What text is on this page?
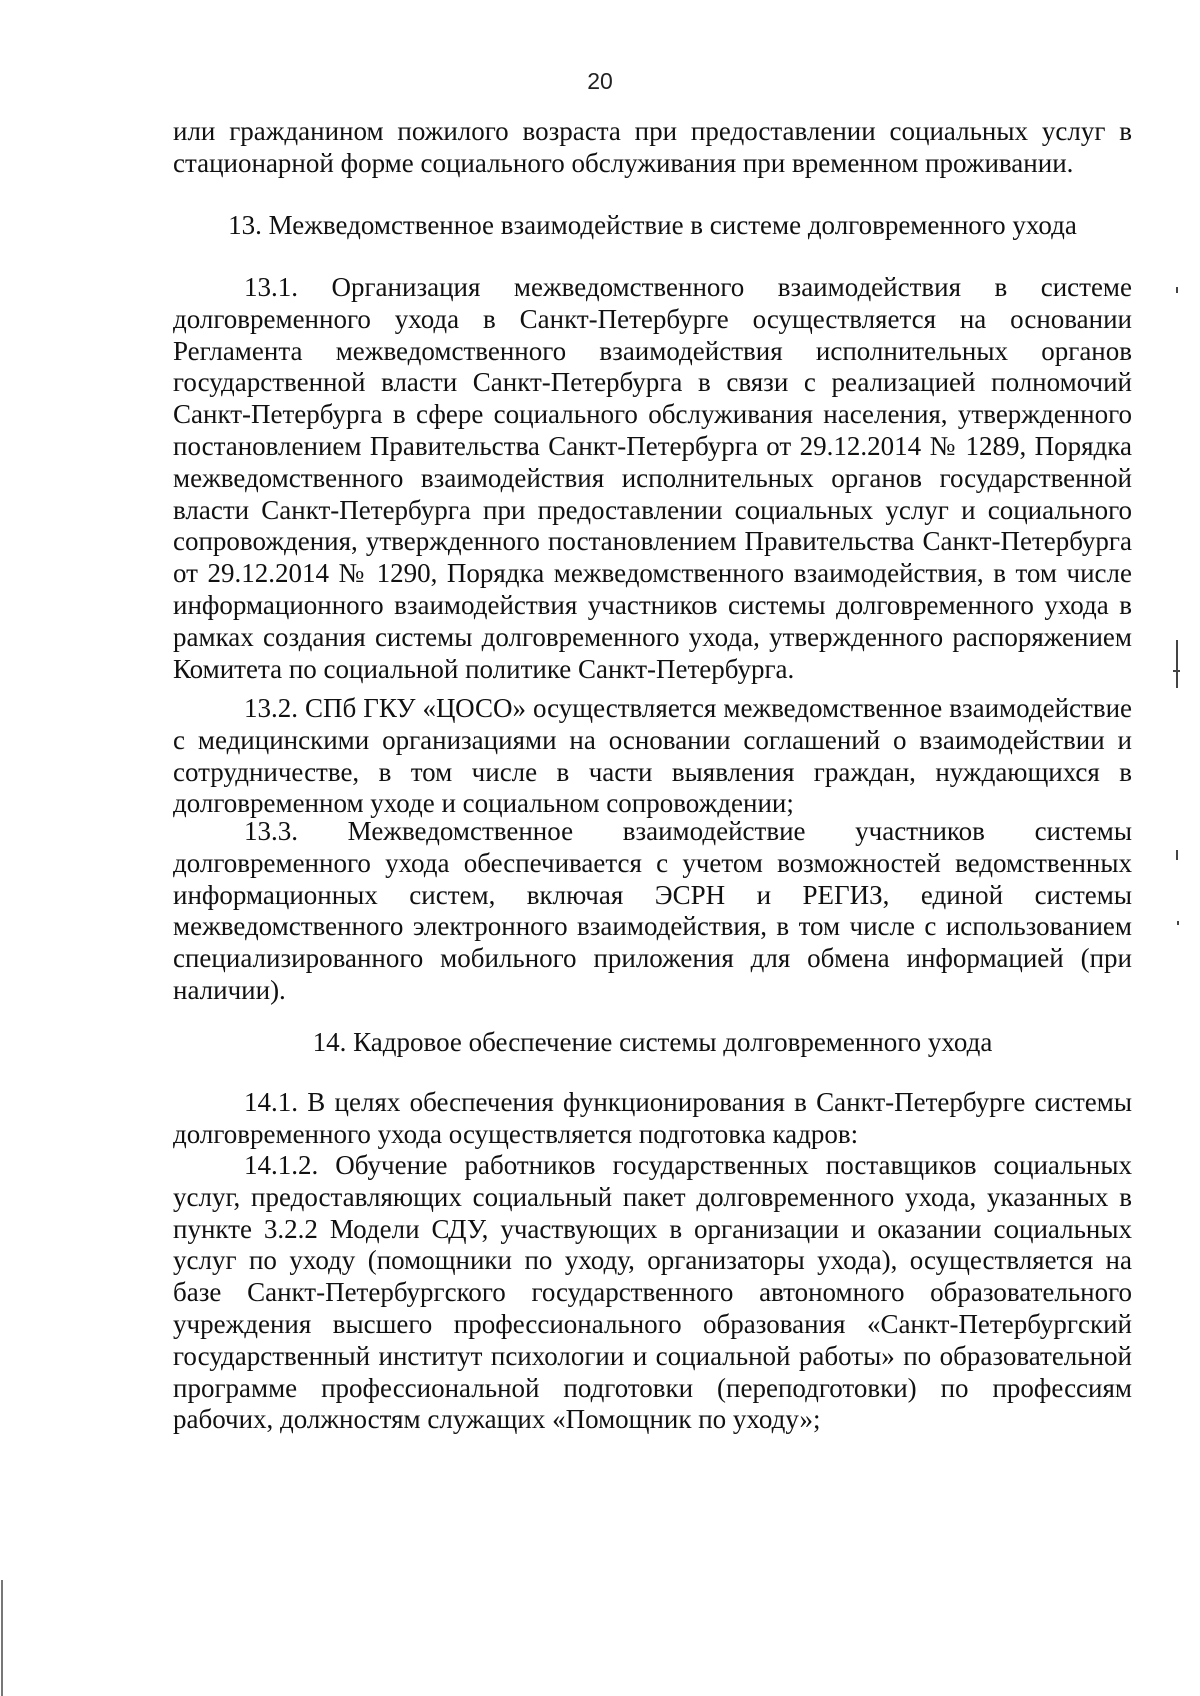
20

или гражданином пожилого возраста при предоставлении социальных услуг в стационарной форме социального обслуживания при временном проживании.

13. Межведомственное взаимодействие в системе долговременного ухода

13.1. Организация межведомственного взаимодействия в системе долговременного ухода в Санкт-Петербурге осуществляется на основании Регламента межведомственного взаимодействия исполнительных органов государственной власти Санкт-Петербурга в связи с реализацией полномочий Санкт-Петербурга в сфере социального обслуживания населения, утвержденного постановлением Правительства Санкт-Петербурга от 29.12.2014 № 1289, Порядка межведомственного взаимодействия исполнительных органов государственной власти Санкт-Петербурга при предоставлении социальных услуг и социального сопровождения, утвержденного постановлением Правительства Санкт-Петербурга от 29.12.2014 № 1290, Порядка межведомственного взаимодействия, в том числе информационного взаимодействия участников системы долговременного ухода в рамках создания системы долговременного ухода, утвержденного распоряжением Комитета по социальной политике Санкт-Петербурга.

13.2. СПб ГКУ «ЦОСО» осуществляется межведомственное взаимодействие с медицинскими организациями на основании соглашений о взаимодействии и сотрудничестве, в том числе в части выявления граждан, нуждающихся в долговременном уходе и социальном сопровождении;

13.3. Межведомственное взаимодействие участников системы долговременного ухода обеспечивается с учетом возможностей ведомственных информационных систем, включая ЭСРН и РЕГИЗ, единой системы межведомственного электронного взаимодействия, в том числе с использованием специализированного мобильного приложения для обмена информацией (при наличии).

14. Кадровое обеспечение системы долговременного ухода

14.1. В целях обеспечения функционирования в Санкт-Петербурге системы долговременного ухода осуществляется подготовка кадров:

14.1.2. Обучение работников государственных поставщиков социальных услуг, предоставляющих социальный пакет долговременного ухода, указанных в пункте 3.2.2 Модели СДУ, участвующих в организации и оказании социальных услуг по уходу (помощники по уходу, организаторы ухода), осуществляется на базе Санкт-Петербургского государственного автономного образовательного учреждения высшего профессионального образования «Санкт-Петербургский государственный институт психологии и социальной работы» по образовательной программе профессиональной подготовки (переподготовки) по профессиям рабочих, должностям служащих «Помощник по уходу»;
